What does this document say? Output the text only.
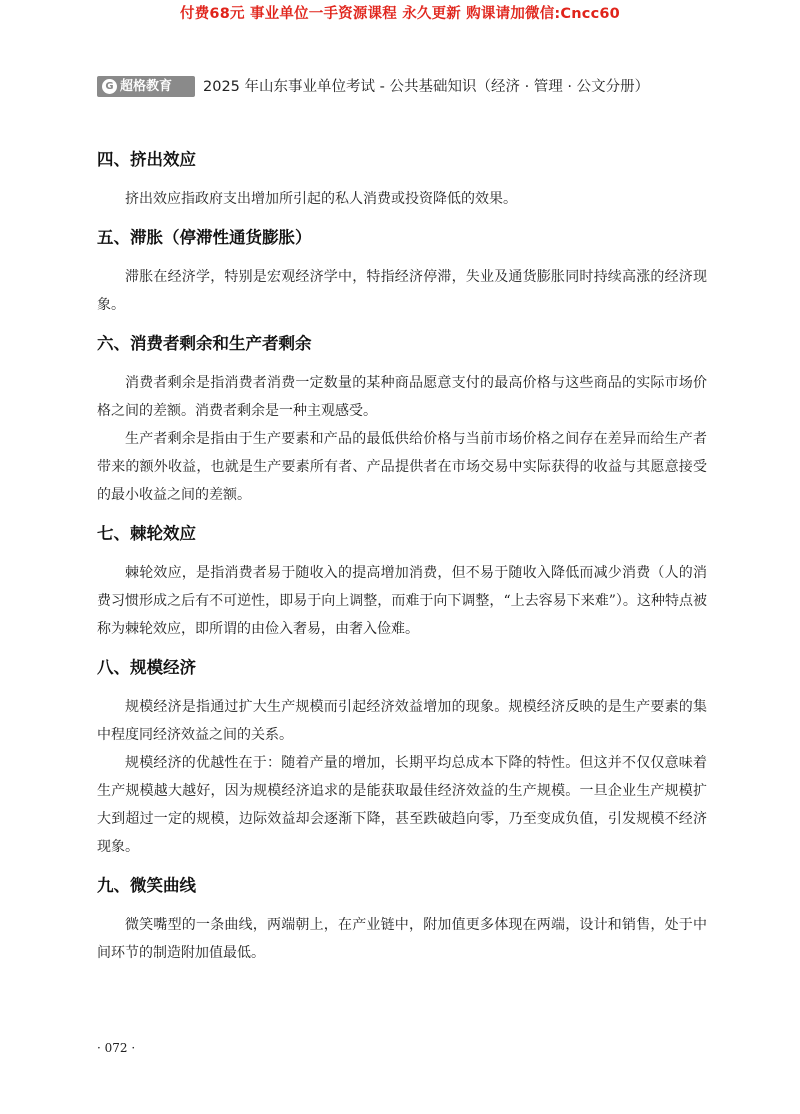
付费68元 事业单位一手资源课程 永久更新 购课请加微信:Cncc60
G 超格教育 2025 年山东事业单位考试 - 公共基础知识（经济 · 管理 · 公文分册）
四、挤出效应

挤出效应指政府支出增加所引起的私人消费或投资降低的效果。

五、滞胀（停滞性通货膨胀）

滞胀在经济学，特别是宏观经济学中，特指经济停滞，失业及通货膨胀同时持续高涨的经济现象。

六、消费者剩余和生产者剩余

消费者剩余是指消费者消费一定数量的某种商品愿意支付的最高价格与这些商品的实际市场价格之间的差额。消费者剩余是一种主观感受。

生产者剩余是指由于生产要素和产品的最低供给价格与当前市场价格之间存在差异而给生产者带来的额外收益，也就是生产要素所有者、产品提供者在市场交易中实际获得的收益与其愿意接受的最小收益之间的差额。

七、棘轮效应

棘轮效应，是指消费者易于随收入的提高增加消费，但不易于随收入降低而减少消费（人的消费习惯形成之后有不可逆性，即易于向上调整，而难于向下调整，“上去容易下来难”）。这种特点被称为棘轮效应，即所谓的由俭入奢易，由奢入俭难。

八、规模经济

规模经济是指通过扩大生产规模而引起经济效益增加的现象。规模经济反映的是生产要素的集中程度同经济效益之间的关系。

规模经济的优越性在于：随着产量的增加，长期平均总成本下降的特性。但这并不仅仅意味着生产规模越大越好，因为规模经济追求的是能获取最佳经济效益的生产规模。一旦企业生产规模扩大到超过一定的规模，边际效益却会逐渐下降，甚至跌破趋向零，乃至变成负值，引发规模不经济现象。

九、微笑曲线

微笑嘴型的一条曲线，两端朝上，在产业链中，附加值更多体现在两端，设计和销售，处于中间环节的制造附加值最低。

· 072 ·
